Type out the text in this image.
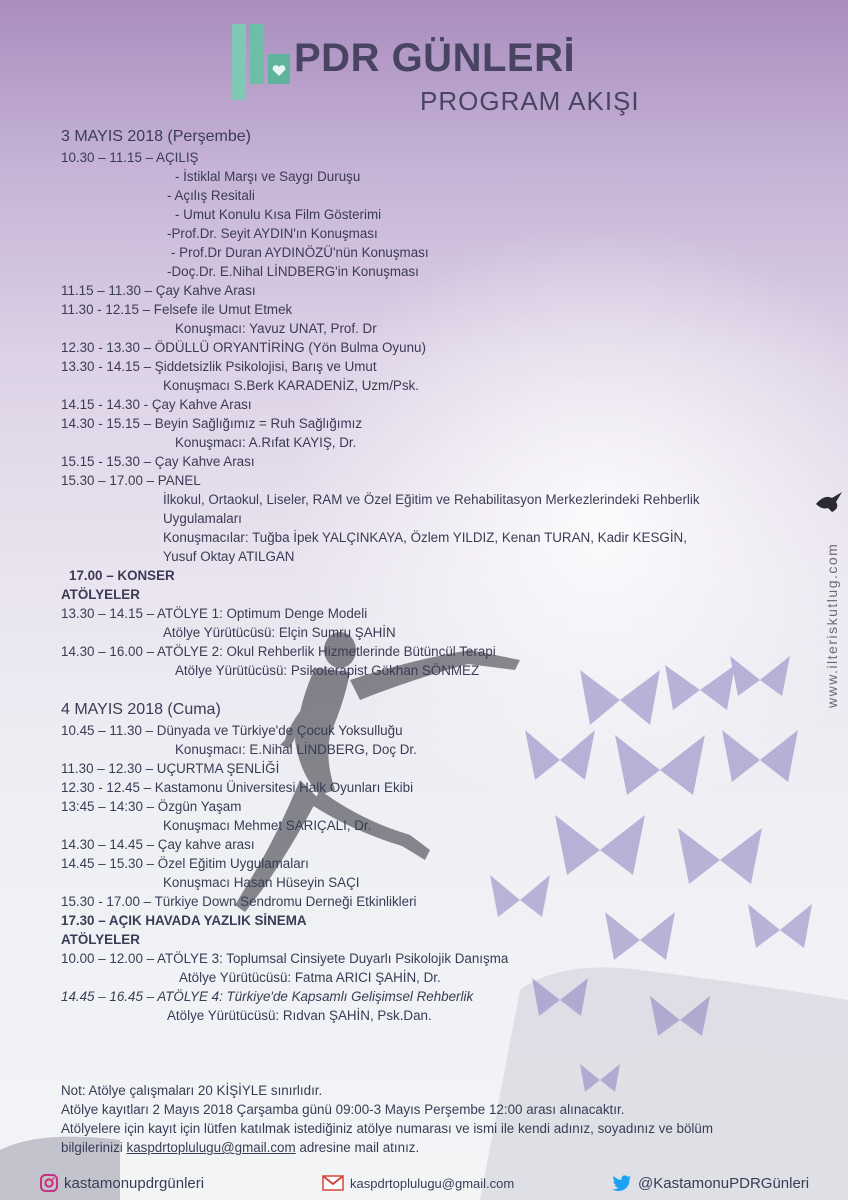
PDR GÜNLERİ
PROGRAM AKIŞI
3 MAYIS 2018 (Perşembe)
10.30 – 11.15 – AÇILIŞ
- İstiklal Marşı ve Saygı Duruşu
- Açılış Resitali
- Umut Konulu Kısa Film Gösterimi
-Prof.Dr. Seyit AYDIN'ın Konuşması
- Prof.Dr Duran AYDINÖZÜ'nün Konuşması
-Doç.Dr. E.Nihal LİNDBERG'in Konuşması
11.15 – 11.30 – Çay Kahve Arası
11.30 - 12.15 – Felsefe ile Umut Etmek
Konuşmacı: Yavuz UNAT, Prof. Dr
12.30 - 13.30 – ÖDÜLLÜ ORYANTİRİNG (Yön Bulma Oyunu)
13.30 - 14.15 – Şiddetsizlik Psikolojisi, Barış ve Umut
Konuşmacı S.Berk KARADENİZ, Uzm/Psk.
14.15 - 14.30 - Çay Kahve Arası
14.30 - 15.15 – Beyin Sağlığımız = Ruh Sağlığımız
Konuşmacı: A.Rıfat KAYIŞ, Dr.
15.15 - 15.30 – Çay Kahve Arası
15.30 – 17.00 – PANEL
İlkokul, Ortaokul, Liseler, RAM ve Özel Eğitim ve Rehabilitasyon Merkezlerindeki Rehberlik
Uygulamaları
Konuşmacılar: Tuğba İpek YALÇINKAYA, Özlem YILDIZ, Kenan TURAN, Kadir KESGİN,
Yusuf Oktay ATILGAN
17.00 – KONSER
ATÖLYELER
13.30 – 14.15 – ATÖLYE 1: Optimum Denge Modeli
Atölye Yürütücüsü: Elçin Sumru ŞAHİN
14.30 – 16.00 – ATÖLYE 2: Okul Rehberlik Hizmetlerinde Bütüncül Terapi
Atölye Yürütücüsü: Psikoterapist Gökhan SÖNMEZ
4 MAYIS 2018 (Cuma)
10.45 – 11.30 – Dünyada ve Türkiye'de Çocuk Yoksulluğu
Konuşmacı: E.Nihal LİNDBERG, Doç Dr.
11.30 – 12.30 – UÇURTMA ŞENLİĞİ
12.30 - 12.45 – Kastamonu Üniversitesi Halk Oyunları Ekibi
13:45 – 14:30 – Özgün Yaşam
Konuşmacı Mehmet SARIÇALI, Dr.
14.30 – 14.45 – Çay kahve arası
14.45 – 15.30 – Özel Eğitim Uygulamaları
Konuşmacı Hasan Hüseyin SAÇI
15.30 - 17.00 – Türkiye Down Sendromu Derneği Etkinlikleri
17.30 – AÇIK HAVADA YAZLIK SİNEMA
ATÖLYELER
10.00 – 12.00 – ATÖLYE 3: Toplumsal Cinsiyete Duyarlı Psikolojik Danışma
Atölye Yürütücüsü: Fatma ARICI ŞAHİN, Dr.
14.45 – 16.45 – ATÖLYE 4: Türkiye'de Kapsamlı Gelişimsel Rehberlik
Atölye Yürütücüsü: Rıdvan ŞAHİN, Psk.Dan.
Not: Atölye çalışmaları 20 KİŞİYLE sınırlıdır.
Atölye kayıtları 2 Mayıs 2018 Çarşamba günü 09:00-3 Mayıs Perşembe 12:00 arası alınacaktır.
Atölyelere için kayıt için lütfen katılmak istediğiniz atölye numarası ve ismi ile kendi adınız, soyadınız ve bölüm
bilgilerinizi kaspdrtoplulugu@gmail.com adresine mail atınız.
www.ilteriskutlug.com
kastamonupdrgünleri	kaspdrtoplulugu@gmail.com	@KastamonuPDRGünleri
